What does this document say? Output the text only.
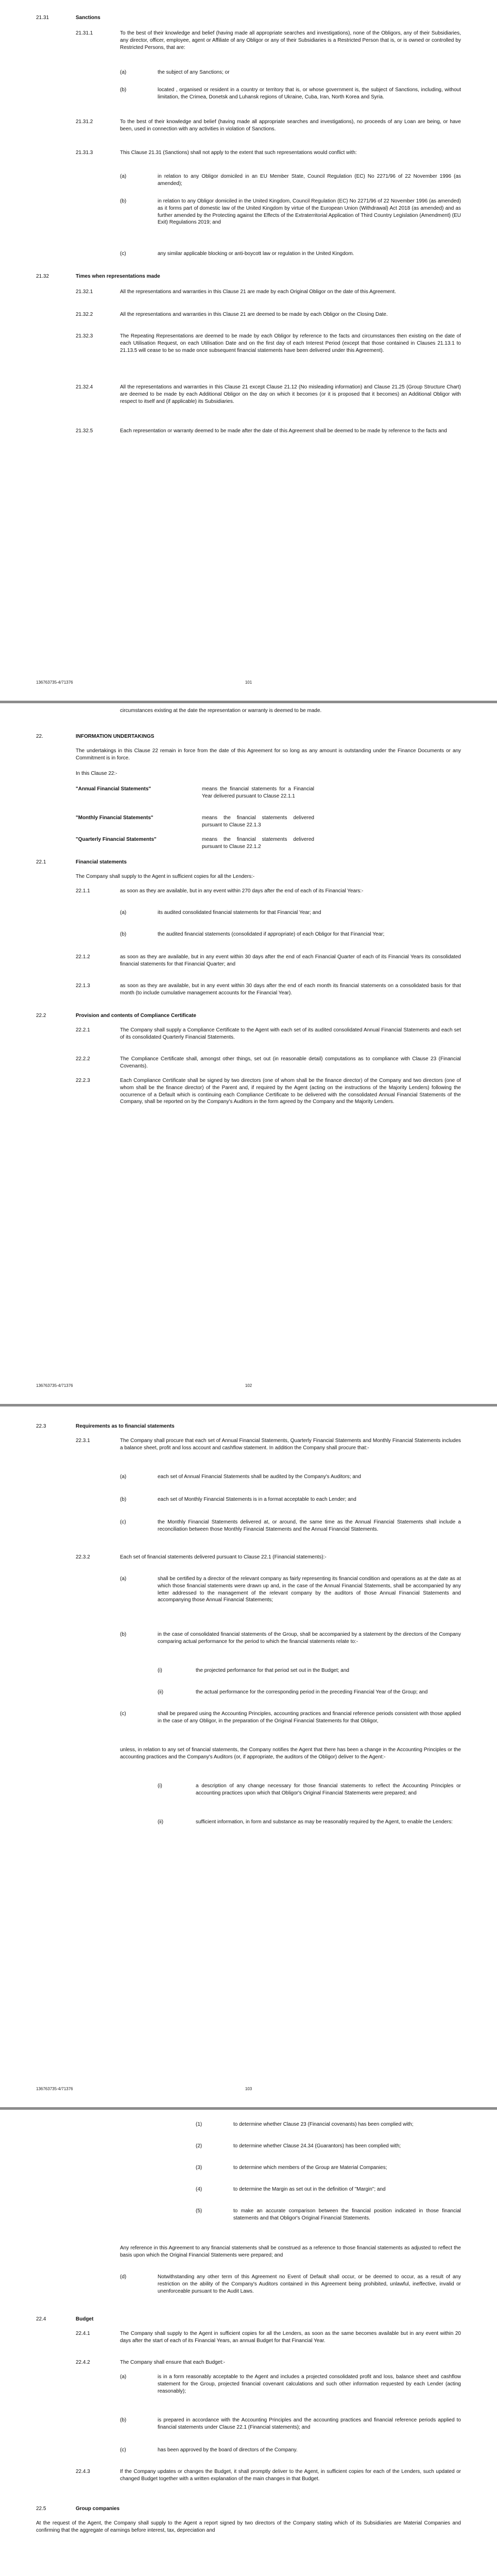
21.31	Sanctions

21.31.1	To the best of their knowledge and belief (having made all appropriate searches and investigations), none of the Obligors, any of their Subsidiaries, any director, officer, employee, agent or Affiliate of any Obligor or any of their Subsidiaries is a Restricted Person that is, or is owned or controlled by Restricted Persons, that are:

(a)	the subject of any Sanctions; or

(b)	located , organised or resident in a country or territory that is, or whose government is, the subject of Sanctions, including, without limitation, the Crimea, Donetsk and Luhansk regions of Ukraine, Cuba, Iran, North Korea and Syria.

21.31.2	To the best of their knowledge and belief (having made all appropriate searches and investigations), no proceeds of any Loan are being, or have been, used in connection with any activities in violation of Sanctions.

21.31.3	This Clause 21.31 (Sanctions) shall not apply to the extent that such representations would conflict with:

(a)	in relation to any Obligor domiciled in an EU Member State, Council Regulation (EC) No 2271/96 of 22 November 1996 (as amended);

(b)	in relation to any Obligor domiciled in the United Kingdom, Council Regulation (EC) No 2271/96 of 22 November 1996 (as amended) as it forms part of domestic law of the United Kingdom by virtue of the European Union (Withdrawal) Act 2018 (as amended) and as further amended by the Protecting against the Effects of the Extraterritorial Application of Third Country Legislation (Amendment) (EU Exit) Regulations 2019; and

(c)	any similar applicable blocking or anti-boycott law or regulation in the United Kingdom.

21.32	Times when representations made

21.32.1	All the representations and warranties in this Clause 21 are made by each Original Obligor on the date of this Agreement.

21.32.2	All the representations and warranties in this Clause 21 are deemed to be made by each Obligor on the Closing Date.

21.32.3	The Repeating Representations are deemed to be made by each Obligor by reference to the facts and circumstances then existing on the date of each Utilisation Request, on each Utilisation Date and on the first day of each Interest Period (except that those contained in Clauses 21.13.1 to 21.13.5 will cease to be so made once subsequent financial statements have been delivered under this Agreement).

21.32.4	All the representations and warranties in this Clause 21 except Clause 21.12 (No misleading information) and Clause 21.25 (Group Structure Chart) are deemed to be made by each Additional Obligor on the day on which it becomes (or it is proposed that it becomes) an Additional Obligor with respect to itself and (if applicable) its Subsidiaries.

21.32.5	Each representation or warranty deemed to be made after the date of this Agreement shall be deemed to be made by reference to the facts and

136763735-4/71376	101

circumstances existing at the date the representation or warranty is deemed to be made.

22.	INFORMATION UNDERTAKINGS

The undertakings in this Clause 22 remain in force from the date of this Agreement for so long as any amount is outstanding under the Finance Documents or any Commitment is in force.

In this Clause 22:-

"Annual Financial Statements"	means the financial statements for a Financial Year delivered pursuant to Clause 22.1.1

"Monthly Financial Statements"	means the financial statements delivered pursuant to Clause 22.1.3

"Quarterly Financial Statements"	means the financial statements delivered pursuant to Clause 22.1.2

22.1	Financial statements

The Company shall supply to the Agent in sufficient copies for all the Lenders:-

22.1.1	as soon as they are available, but in any event within 270 days after the end of each of its Financial Years:-

(a)	its audited consolidated financial statements for that Financial Year; and

(b)	the audited financial statements (consolidated if appropriate) of each Obligor for that Financial Year;

22.1.2	as soon as they are available, but in any event within 30 days after the end of each Financial Quarter of each of its Financial Years its consolidated financial statements for that Financial Quarter; and

22.1.3	as soon as they are available, but in any event within 30 days after the end of each month its financial statements on a consolidated basis for that month (to include cumulative management accounts for the Financial Year).

22.2	Provision and contents of Compliance Certificate

22.2.1	The Company shall supply a Compliance Certificate to the Agent with each set of its audited consolidated Annual Financial Statements and each set of its consolidated Quarterly Financial Statements.

22.2.2	The Compliance Certificate shall, amongst other things, set out (in reasonable detail) computations as to compliance with Clause 23 (Financial Covenants).

22.2.3	Each Compliance Certificate shall be signed by two directors (one of whom shall be the finance director) of the Company and two directors (one of whom shall be the finance director) of the Parent and, if required by the Agent (acting on the instructions of the Majority Lenders) following the occurrence of a Default which is continuing each Compliance Certificate to be delivered with the consolidated Annual Financial Statements of the Company, shall be reported on by the Company's Auditors in the form agreed by the Company and the Majority Lenders.

136763735-4/71376	102

22.3	Requirements as to financial statements

22.3.1	The Company shall procure that each set of Annual Financial Statements, Quarterly Financial Statements and Monthly Financial Statements includes a balance sheet, profit and loss account and cashflow statement. In addition the Company shall procure that:-

(a)	each set of Annual Financial Statements shall be audited by the Company's Auditors; and

(b)	each set of Monthly Financial Statements is in a format acceptable to each Lender; and

(c)	the Monthly Financial Statements delivered at, or around, the same time as the Annual Financial Statements shall include a reconciliation between those Monthly Financial Statements and the Annual Financial Statements.

22.3.2	Each set of financial statements delivered pursuant to Clause 22.1 (Financial statements):-

(a)	shall be certified by a director of the relevant company as fairly representing its financial condition and operations as at the date as at which those financial statements were drawn up and, in the case of the Annual Financial Statements, shall be accompanied by any letter addressed to the management of the relevant company by the auditors of those Annual Financial Statements and accompanying those Annual Financial Statements;

(b)	in the case of consolidated financial statements of the Group, shall be accompanied by a statement by the directors of the Company comparing actual performance for the period to which the financial statements relate to:-

(i)	the projected performance for that period set out in the Budget; and

(ii)	the actual performance for the corresponding period in the preceding Financial Year of the Group; and

(c)	shall be prepared using the Accounting Principles, accounting practices and financial reference periods consistent with those applied in the case of any Obligor, in the preparation of the Original Financial Statements for that Obligor,

unless, in relation to any set of financial statements, the Company notifies the Agent that there has been a change in the Accounting Principles or the accounting practices and the Company's Auditors (or, if appropriate, the auditors of the Obligor) deliver to the Agent:-

(i)	a description of any change necessary for those financial statements to reflect the Accounting Principles or accounting practices upon which that Obligor's Original Financial Statements were prepared; and

(ii)	sufficient information, in form and substance as may be reasonably required by the Agent, to enable the Lenders:

136763735-4/71376	103

(1)	to determine whether Clause 23 (Financial covenants) has been complied with;

(2)	to determine whether Clause 24.34 (Guarantors) has been complied with;

(3)	to determine which members of the Group are Material Companies;

(4)	to determine the Margin as set out in the definition of "Margin"; and

(5)	to make an accurate comparison between the financial position indicated in those financial statements and that Obligor's Original Financial Statements.

Any reference in this Agreement to any financial statements shall be construed as a reference to those financial statements as adjusted to reflect the basis upon which the Original Financial Statements were prepared; and

(d)	Notwithstanding any other term of this Agreement no Event of Default shall occur, or be deemed to occur, as a result of any restriction on the ability of the Company's Auditors contained in this Agreement being prohibited, unlawful, ineffective, invalid or unenforceable pursuant to the Audit Laws.

22.4	Budget

22.4.1	The Company shall supply to the Agent in sufficient copies for all the Lenders, as soon as the same becomes available but in any event within 20 days after the start of each of its Financial Years, an annual Budget for that Financial Year.

22.4.2	The Company shall ensure that each Budget:-

(a)	is in a form reasonably acceptable to the Agent and includes a projected consolidated profit and loss, balance sheet and cashflow statement for the Group, projected financial covenant calculations and such other information requested by each Lender (acting reasonably);

(b)	is prepared in accordance with the Accounting Principles and the accounting practices and financial reference periods applied to financial statements under Clause 22.1 (Financial statements); and

(c)	has been approved by the board of directors of the Company.

22.4.3	If the Company updates or changes the Budget, it shall promptly deliver to the Agent, in sufficient copies for each of the Lenders, such updated or changed Budget together with a written explanation of the main changes in that Budget.

22.5	Group companies

At the request of the Agent, the Company shall supply to the Agent a report signed by two directors of the Company stating which of its Subsidiaries are Material Companies and confirming that the aggregate of earnings before interest, tax, depreciation and
